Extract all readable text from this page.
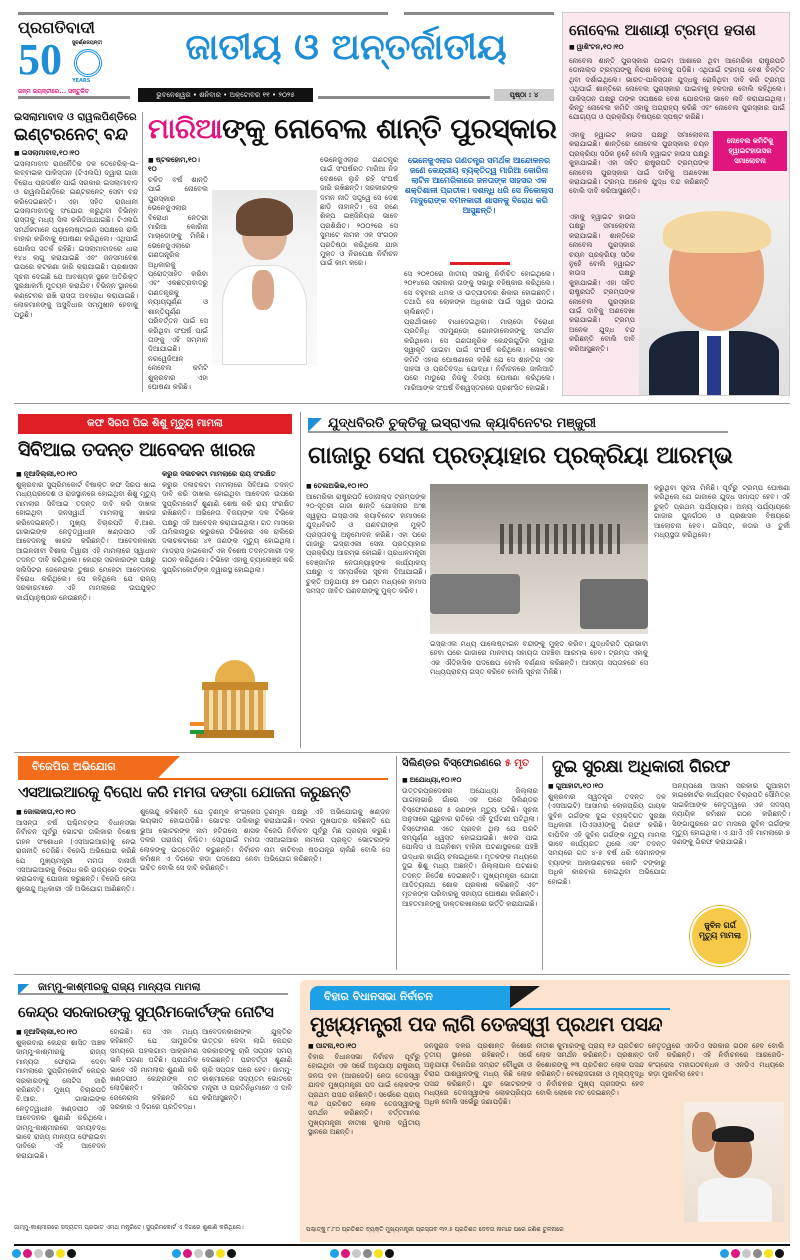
ପ୍ରଗତିବାଦୀ
50 ସୁବର୍ଣ୍ଣଜୟନ୍ତୀ
YEARS
ଜନ୍ମ ଜୟନ୍ତୀରେ... ସନ୍ତୁଳିତ
ଜାତୀୟ ଓ ଅନ୍ତର୍ଜାତୀୟ
ଭୁବନେଶ୍ୱର • ଶନିବାର • ଅକ୍ଟୋବର ୧୧ • ୨୦୨୫	ପୃଷ୍ଠା : ୪
ଇସଲାମାବାଦ ଓ ରାୱଲପିଣ୍ଡିରେ
ଇଣ୍ଟରନେଟ୍ ବନ୍ଦ
■ ଇସଲାମାବାଦ,୧୦।୧୦
ଇସଲାମାବାଦ ରାଜନୈତିକ ଦଳ ତେହେରିକ୍-ଇ-ଲବ୍ବାଇକ ପାକିସ୍ତାନ (ଟିଏଲପି) ଦ୍ୱାରା ଗାଜା ବିରୋଧ ପ୍ରଦର୍ଶନ ପାଇଁ ସରକାର ଇସଲାମାବାଦ ଓ ରାୱଲପିଣ୍ଡିରେ ଇଣ୍ଟରନେଟ୍ ସେବା ବନ୍ଦ କରିଦେଇଛନ୍ତି। ଏହା ସହିତ ରାଜଧାନୀ ଇସଲାମାବାଦକୁ ସଂଯୋଗ କରୁଥିବା ବିଭିନ୍ନ ରାସ୍ତାକୁ ମଧ୍ୟ ସିଲ କରିଦିଆଯାଇଛି। ଟିଏଲପି ସମର୍ଥକମାନେ ପ୍ୟାଲେଷ୍ଟାଇନ ସପକ୍ଷରେ ରାଲି ବାହାର କରିବାକୁ ଘୋଷଣା କରିଥିଲେ। ଏଥିପାଇଁ ପୋଲିସ ସତର୍କ ରହିଛି। ଇସଲାମାବାଦରେ ଧାରା ୧୪୪ ଲାଗୁ କରାଯାଇଛି ଏବଂ ଜନସମାବେଶ ଉପରେ କଟକଣା ଜାରି କରାଯାଇଛି। ପ୍ରଶାସନ ସୂଚନା ଦେଇଛି ଯେ ଆବଶ୍ୟକ ସ୍ଥଳେ ଅତିରିକ୍ତ ସୁରକ୍ଷାକର୍ମୀ ମୁତୟନ କରାଯିବ। ବିଭିନ୍ନ ସ୍ଥାନରେ କଣ୍ଟେନର ରଖି ରାସ୍ତା ଅବରୋଧ କରାଯାଇଛି। ଲୋକମାନଙ୍କୁ ଅସୁବିଧାର ସମ୍ମୁଖୀନ ହେବାକୁ ପଡୁଛି।
ମାରିଆଙ୍କୁ ନୋବେଲ ଶାନ୍ତି ପୁରସ୍କାର
■ ଷ୍ଟକହୋମ,୧୦।୧୦
ଚଳିତ ବର୍ଷ ଶାନ୍ତି ପାଇଁ ନୋବେଲ ପୁରସ୍କାର ଭେନେଜୁଏଲାର ବିରୋଧୀ ନେତ୍ରୀ ମାରିଆ କୋରିନା ମାଚାଡୋଙ୍କୁ ମିଳିଛି। ଭେନେଜୁଏଲାରେ ଗଣତାନ୍ତ୍ରିକ ଅଧିକାରକୁ ପ୍ରୋତ୍ସାହିତ କରିବା ଏବଂ ଏକଛତ୍ରବାଦରୁ ଗଣତନ୍ତ୍ରକୁ ନ୍ୟାୟପୂର୍ଣ୍ଣ ଓ ଶାନ୍ତିପୂର୍ଣ୍ଣ ପରିବର୍ତ୍ତନ ପାଇଁ ସେ କରିଥିବା ସଂଘର୍ଷ ପାଇଁ ତାଙ୍କୁ ଏହି ସମ୍ମାନ ଦିଆଯାଇଛି। ନରୱେଜିଆନ ନୋବେଲ କମିଟି ଶୁକ୍ରବାର ଏହା ଘୋଷଣା କରିଛି।
ଭେନେଜୁଏଲାର ଗଣତନ୍ତ୍ର ପାଇଁ ସଂଘର୍ଷରତ ମାରିଆ ନିଜ ଦେଶରେ ଲୁଚି ରହି ସଂଘର୍ଷ ଜାରି ରଖିଛନ୍ତି। ସରକାରଙ୍କ ଦମନ ନୀତି ସତ୍ତ୍ୱେ ସେ ଦେଶ ଛାଡ଼ି ନାହାନ୍ତି। ସେ ଜଣେ ଶିଳ୍ପ ଇଞ୍ଜିନିୟର ଭାବେ ପ୍ରଶିକ୍ଷିତ। ୨୦୦୨ରେ ସେ ସୁମାଟେ ନାମକ ଏକ ସଂଗଠନ ପ୍ରତିଷ୍ଠା କରିଥିଲେ ଯାହା ମୁକ୍ତ ଓ ନିରପେକ୍ଷ ନିର୍ବାଚନ ପାଇଁ କାମ କରେ।
ଭେନେଜୁଏଲାର ଗଣତନ୍ତ୍ର ସମର୍ଥକ ଆନ୍ଦୋଳନର ଜଣେ କେନ୍ଦ୍ରୀୟ ବ୍ୟକ୍ତିତ୍ୱ ମାରିଆ କୋରିନା ଲାଟିନ ଆମେରିକାରେ ଜନତାଙ୍କ ସାହସର ଏକ ଶକ୍ତିଶାଳୀ ପ୍ରତୀକ। ଦଶନ୍ଧି ଧରି ସେ ନିକୋଲାସ ମାଦୁରୋଙ୍କ ଦମନକାରୀ ଶାସନକୁ ବିରୋଧ କରି ଆସୁଛନ୍ତି।
ସେ ୨୦୧୦ରେ ଜାତୀୟ ସଭାକୁ ନିର୍ବାଚିତ ହୋଇଥିଲେ। ୨୦୧୪ରେ ସରକାର ତାଙ୍କୁ ସଭାରୁ ବହିଷ୍କାର କରିଥିଲେ। ସେ ବହୁବାର ଧମକ ଓ ଉତ୍ପୀଡ଼ନର ଶିକାର ହୋଇଛନ୍ତି। ତଥାପି ସେ ଲୋକଙ୍କ ଅଧିକାର ପାଇଁ ସ୍ୱର ଉଠାଇ ଚାଲିଛନ୍ତି।
ପ୍ରାର୍ଥୀଭାବେ ବାଧାଦେଇଥିଲା। ମାଚାଡୋ ବିରୋଧୀ ପ୍ରତିନିଧି ଏଡମୁଣ୍ଡୋ ଗୋନଜାଲେଜଙ୍କୁ ସମର୍ଥନ କରିଥିଲେ। ସେ ଗଣତାନ୍ତ୍ରିକ କେନ୍ଦ୍ରଗୁଡ଼ିକ ଦ୍ୱାରା ସ୍ୱୀକୃତି ପାଇବା ପାଇଁ ସଂଘର୍ଷ କରିଥିଲେ। ନୋବେଲ କମିଟି ଏହାର ଘୋଷଣାରେ କହିଛି ଯେ ସେ ଶାନ୍ତିର ଏକ ସାହସୀ ଓ ପ୍ରତିବଦ୍ଧ ଯୋଦ୍ଧା। ନିର୍ବାଚନରେ ଜାଲିଆତି ପରେ ମାଡୁରୋ ନିଜକୁ ବିଜୟୀ ଘୋଷଣା କରିଥିଲେ। ମାରିଆଙ୍କ ସଂଘର୍ଷ ବିଶ୍ୱସ୍ତରରେ ପ୍ରଶଂସିତ ହୋଇଛି।
ନୋବେଲ ଆଶାୟୀ ଟ୍ରମ୍ପ ହତାଶ
■ ୱାଶିଂଟନ,୧୦।୧୦
ନୋବେଲ ଶାନ୍ତି ପୁରସ୍କାର ପାଇବା ଆଶାରେ ଥିବା ଆମେରିକା ରାଷ୍ଟ୍ରପତି ଡୋନାଲ୍ଡ ଟ୍ରମ୍ପଙ୍କୁ ନିରାଶ ହେବାକୁ ପଡ଼ିଛି। ଏଥିପାଇଁ ଟ୍ରମ୍ପ ବେଶ ଚିନ୍ତିତ ଥିବା ଦର୍ଶାଇଥିଲେ। ଭାରତ-ପାକିସ୍ତାନ ଯୁଦ୍ଧକୁ ରୋକିଥିବା ଦାବି କରି ଟ୍ରମ୍ପ ଏଥିପାଇଁ ଶାନ୍ତିରେ ନୋବେଲ ପୁରସ୍କାର ପାଇବାକୁ ହକଦାର ବୋଲି କହିଥିଲେ। ପାକିସ୍ତାନ ପକ୍ଷରୁ ତାଙ୍କ ସପକ୍ଷରେ ବେଶ ଯୋରଦାର ଭାବେ ଲବି କରାଯାଇଥିଲା। କିନ୍ତୁ ନୋବେଲ କମିଟି ଏହାକୁ ଅଗ୍ରାହ୍ୟ କରିଛି ଏବଂ ନୋବେଲ ପୁରସ୍କାର ପାଇଁ ଯୋଗ୍ୟତା ଓ ପ୍ରକ୍ରିୟା ବିଷୟରେ ସ୍ପଷ୍ଟ କରିଛି।
ନୋବେଲ କମିଟିକୁ ହ୍ୱାଇଟହାଉସର ସମାଲୋଚନା
ଏହାକୁ ହ୍ୱାଇଟ ହାଉସ ପକ୍ଷରୁ ସମାଲୋଚନା କରାଯାଇଛି। ଶାନ୍ତିରେ ନୋବେଲ ପୁରସ୍କାର ଚୟନ ପ୍ରକ୍ରିୟା ସଠିକ ନୁହେଁ ବୋଲି ହ୍ୱାଇଟ ହାଉସ ପକ୍ଷରୁ କୁହାଯାଇଛି। ଏହା ସହିତ ରାଷ୍ଟ୍ରପତି ଟ୍ରମ୍ପଙ୍କ ନୋବେଲ ପୁରସ୍କାର ପାଇଁ ଦାବିକୁ ଅଣଦେଖା କରାଯାଇଛି। ଟ୍ରମ୍ପ ଅନେକ ଯୁଦ୍ଧ ବନ୍ଦ କରିଛନ୍ତି ବୋଲି ଦାବି କରିଆସୁଛନ୍ତି।
ଏହାକୁ ହ୍ୱାଇଟ ହାଉସ ପକ୍ଷରୁ ସମାଲୋଚନା କରାଯାଇଛି। ଶାନ୍ତିରେ ନୋବେଲ ପୁରସ୍କାର ଚୟନ ପ୍ରକ୍ରିୟା ସଠିକ ନୁହେଁ ବୋଲି ହ୍ୱାଇଟ ହାଉସ ପକ୍ଷରୁ କୁହାଯାଇଛି। ଏହା ସହିତ ରାଷ୍ଟ୍ରପତି ଟ୍ରମ୍ପଙ୍କ ନୋବେଲ ପୁରସ୍କାର ପାଇଁ ଦାବିକୁ ଅଣଦେଖା କରାଯାଇଛି। ଟ୍ରମ୍ପ ଅନେକ ଯୁଦ୍ଧ ବନ୍ଦ କରିଛନ୍ତି ବୋଲି ଦାବି କରିଆସୁଛନ୍ତି।
କଫ ସିରପ ପିଇ ଶିଶୁ ମୃତ୍ୟୁ ମାମଲା
ସିବିଆଇ ତଦନ୍ତ ଆବେଦନ ଖାରଜ
■ ନୂଆଦିଲ୍ଲୀ,୧୦।୧୦
ଶୁକ୍ରବାର ସୁପ୍ରିମକୋର୍ଟ ବିଷାକ୍ତ କଫ ସିରପ ଖାଇ ମଧ୍ୟପ୍ରଦେଶ ଓ ରାଜସ୍ଥାନରେ ହୋଇଥିବା ଶିଶୁ ମୃତ୍ୟୁ ମାମଲାର ସିବିଆଇ ତଦନ୍ତ ଦାବି କରି ଦାଖଲ ହୋଇଥିବା ଜନସ୍ୱାର୍ଥ ମାମଲାକୁ ଖାରଜ କରିଦେଇଛନ୍ତି। ମୁଖ୍ୟ ବିଚାରପତି ବି.ଆର. ଗାଭାଇଙ୍କ ନେତୃତ୍ୱାଧୀନ ଖଣ୍ଡପୀଠ ଏହି ଆବେଦନକୁ ଖାରଜ କରିଛନ୍ତି। ଆବେଦନକାରୀ ଆଇନଜୀବୀ ବିଶାଲ ତିୱାରୀ ଏହି ମାମଲାରେ ସ୍ୱାଧୀନ ତଦନ୍ତ ଦାବି କରିଥିଲେ। କେନ୍ଦ୍ର ସରକାରଙ୍କ ପକ୍ଷରୁ ସଲିସିଟର ଜେନେରାଲ ତୁଷାର ମେହେଟା ଆବେଦନର ବିରୋଧ କରିଥିଲେ। ସେ କହିଥିଲେ ଯେ ରାଜ୍ୟ ସରକାରମାନେ ଏହି ମାମଲାରେ ଉପଯୁକ୍ତ କାର୍ଯ୍ୟାନୁଷ୍ଠାନ ନେଉଛନ୍ତି।
କରୁର ଦଳାଚକଟା ମାମଲାରେ ରାୟ ସଂରକ୍ଷିତ
କରୁର ଦଳାଚକଟା ମାମଲାରେ ସିବିଆଇ ତଦନ୍ତ ଦାବି କରି ଦାଖଲ ହୋଇଥିବା ଆବେଦନ ଉପରେ ସୁପ୍ରିମକୋର୍ଟ ଶୁଣାଣି ଶେଷ କରି ରାୟ ସଂରକ୍ଷିତ ରଖିଛନ୍ତି। ଅଭିନେତା ବିଜୟଙ୍କ ଦଳ ଟିଭିକେ ପକ୍ଷରୁ ଏହି ଆବେଦନ କରାଯାଇଥିଲା। ଗତ ମାସରେ ତାମିଲନାଡୁର କରୁରରେ ଟିଭିକେର ଏକ ରାଲିରେ ଦଳାଚକଟାରେ ୪୧ ଜଣଙ୍କ ମୃତ୍ୟୁ ହୋଇଥିଲା। ମାଡ୍ରାସ ହାଇକୋର୍ଟ ଏକ ବିଶେଷ ତଦନ୍ତକାରୀ ଦଳ ଗଠନ କରିଥିଲେ। ଟିଭିକେ ଏହାକୁ ଚ୍ୟାଲେଞ୍ଜ କରି ସୁପ୍ରିମକୋର୍ଟଙ୍କ ଦ୍ୱାରସ୍ଥ ହୋଇଥିଲା।
ଯୁଦ୍ଧବିରତି ଚୁକ୍ତିକୁ ଇସ୍ରାଏଲ କ୍ୟାବିନେଟର ମଞ୍ଜୁରୀ
ଗାଜାରୁ ସେନା ପ୍ରତ୍ୟାହାର ପ୍ରକ୍ରିୟା ଆରମ୍ଭ
■ ତେଲଅଭିଭ,୧୦।୧୦
ଆମେରିକା ରାଷ୍ଟ୍ରପତି ଡୋନାଲ୍ଡ ଟ୍ରମ୍ପଙ୍କ ୨୦-ସୂତ୍ରୀ ଗାଜା ଶାନ୍ତି ଯୋଜନାର ଅଂଶ ସ୍ୱରୂପ ଇସ୍ରାଏଲ କ୍ୟାବିନେଟ ହାମାସରେ ଯୁଦ୍ଧବିରତି ଓ ପଣବନ୍ଦୀଙ୍କ ମୁକ୍ତି ପ୍ରସ୍ତାବକୁ ଅନୁମୋଦନ କରିଛି। ଏହା ପରେ ଗାଜାରୁ ଇସ୍ରାଏଲୀ ସେନା ପ୍ରତ୍ୟାହାର ପ୍ରକ୍ରିୟା ଆରମ୍ଭ ହୋଇଛି। ପ୍ରଧାନମନ୍ତ୍ରୀ ବେଞ୍ଜାମିନ ନେତାନ୍ୟାହୁଙ୍କ କାର୍ଯ୍ୟାଳୟ ପକ୍ଷରୁ ଏ ସମ୍ପର୍କରେ ସୂଚନା ଦିଆଯାଇଛି। ଚୁକ୍ତି ଅନୁଯାୟୀ ୭୨ ଘଣ୍ଟା ମଧ୍ୟରେ ହାମାସ ସମସ୍ତ ଜୀବିତ ପଣବନ୍ଦୀଙ୍କୁ ମୁକ୍ତ କରିବ।
ଇସ୍ରାଏଲ ମଧ୍ୟ ପାଲେଷ୍ଟାଇନ ବନ୍ଦୀଙ୍କୁ ମୁକ୍ତ କରିବ। ଯୁଦ୍ଧବିରତି ପ୍ରଭାବୀ ହେବା ପରେ ଗାଜାରେ ମାନବୀୟ ସହାୟତା ପହଞ୍ଚିବା ଆରମ୍ଭ ହେବ। ଟ୍ରମ୍ପ ଏହାକୁ ଏକ ଐତିହାସିକ ପଦକ୍ଷେପ ବୋଲି ବର୍ଣ୍ଣନା କରିଛନ୍ତି। ଆସନ୍ତା ସପ୍ତାହରେ ସେ ମଧ୍ୟପ୍ରାଚ୍ୟ ଗସ୍ତ କରିବେ ବୋଲି ସୂଚନା ମିଳିଛି।
କରୁଥିବା ସୂଚନା ମିଳିଛି। ପୂର୍ବରୁ ଟ୍ରମ୍ପ ଘୋଷଣା କରିଥିଲେ ଯେ ଗାଜାରେ ଯୁଦ୍ଧ ସମାପ୍ତ ହେବ। ଏହି ଚୁକ୍ତି ପ୍ରଥମ ପର୍ଯ୍ୟାୟର। ଅନ୍ୟ ପର୍ଯ୍ୟାୟରେ ଗାଜାର ପୁନର୍ଗଠନ ଓ ପ୍ରଶାସନ ବିଷୟରେ ଆଲୋଚନା ହେବ। ଇଜିପ୍ଟ, କତାର ଓ ତୁର୍କୀ ମଧ୍ୟସ୍ଥତା କରିଥିଲେ।
ବିଜେପିର ଅଭିଯୋଗ
ଏସଆଇଆରକୁ ବିରୋଧ କରି ମମତା ଦଙ୍ଗା ଯୋଜନା କରୁଛନ୍ତି
■ କୋଲକାତା,୧୦।୧୦
ଆସନ୍ତା ବର୍ଷ ପଶ୍ଚିମବଙ୍ଗ ବିଧାନସଭା ନିର୍ବାଚନ ପୂର୍ବରୁ ଭୋଟର ତାଲିକାର ବିଶେଷ ଗହନ ସଂଶୋଧନ (ଏସଆଇଆର)କୁ ନେଇ ରାଜନୀତି ତେଜିଛି। ବିଜେପି ଅଭିଯୋଗ କରିଛି ଯେ ମୁଖ୍ୟମନ୍ତ୍ରୀ ମମତା ବାନାର୍ଜୀ ଏସଆଇଆରକୁ ବିରୋଧ କରି ରାଜ୍ୟରେ ଦଙ୍ଗା କରାଇବାକୁ ଯୋଜନା କରୁଛନ୍ତି। ବିଜେପି ନେତା ଶୁଭେନ୍ଦୁ ଅଧିକାରୀ ଏହି ଅଭିଯୋଗ ଆଣିଛନ୍ତି।
ଶୁଭେନ୍ଦୁ କହିଛନ୍ତି ଯେ ତୃଣମୂଳ କଂଗ୍ରେସ ଭୟଭୀତ ହୋଇପଡ଼ିଛି। ଭୋଟର ତାଲିକାରୁ ଭୁଆ ଭୋଟରଙ୍କ ନାମ ହଟିଗଲେ ଶାସକ ଦଳର ପରାଜୟ ନିଶ୍ଚିତ। ସେଥିପାଇଁ ମମତା ଲୋକଙ୍କୁ ଉତ୍ତେଜିତ କରୁଛନ୍ତି। ନିର୍ବାଚନ କମିଶନ ଏ ଦିଗରେ କଡ଼ା ପଦକ୍ଷେପ ନେବା ଉଚିତ ବୋଲି ସେ ଦାବି କରିଛନ୍ତି।
ତୃଣମୂଳ ପକ୍ଷରୁ ଏହି ଅଭିଯୋଗକୁ ଖଣ୍ଡନ କରାଯାଇଛି। ଦଳର ମୁଖପାତ୍ର କହିଛନ୍ତି ଯେ ବିଜେପି ନିର୍ବାଚନ ପୂର୍ବରୁ ମିଛ ପ୍ରଚାର କରୁଛି। ଏସଆଇଆର ନାମରେ ପ୍ରକୃତ ଭୋଟରଙ୍କ ନାମ କାଟିବାର ଷଡ଼ଯନ୍ତ୍ର ଚାଲିଛି ବୋଲି ସେ ଅଭିଯୋଗ କରିଛନ୍ତି।
ସିଲିଣ୍ଡର ବିସ୍ଫୋରଣରେ ୫ ମୃତ
■ ଅଯୋଧ୍ୟା,୧୦।୧୦
ଉତ୍ତରପ୍ରଦେଶର ଅଯୋଧ୍ୟା ଜିଲ୍ଲାର ପାଗଲାଭାରି ଗାଁରେ ଏକ ଘରେ ସିଲିଣ୍ଡର ବିସ୍ଫୋରଣରେ ୫ ଜଣଙ୍କ ମୃତ୍ୟୁ ଘଟିଛି। ସୂଚନା ଅନୁସାରେ ଗୁରୁବାର ରାତିରେ ଏହି ଦୁର୍ଘଟଣା ଘଟିଥିଲା। ବିସ୍ଫୋରଣ ଏତେ ପ୍ରବଳ ଥିଲା ଯେ ଘରଟି ସମ୍ପୂର୍ଣ୍ଣ ଧ୍ୱସ୍ତ ହୋଇଯାଇଛି। ଖବର ପାଇ ପୋଲିସ ଓ ଅଗ୍ନିଶମ ବାହିନୀ ଘଟଣାସ୍ଥଳରେ ପହଞ୍ଚି ଉଦ୍ଧାର କାର୍ଯ୍ୟ ଚଳାଇଥିଲେ। ମୃତକଙ୍କ ମଧ୍ୟରେ ଦୁଇ ଶିଶୁ ମଧ୍ୟ ଅଛନ୍ତି। ଜିଲ୍ଲାପାଳ ଘଟଣାର ତଦନ୍ତ ନିର୍ଦ୍ଦେଶ ଦେଇଛନ୍ତି। ମୁଖ୍ୟମନ୍ତ୍ରୀ ଯୋଗୀ ଆଦିତ୍ୟନାଥ ଶୋକ ପ୍ରକାଶ କରିଛନ୍ତି ଏବଂ ମୃତକଙ୍କ ପରିବାରକୁ ସହାୟତା ଘୋଷଣା କରିଛନ୍ତି। ଆହତମାନଙ୍କୁ ଡାକ୍ତରଖାନାରେ ଭର୍ତ୍ତି କରାଯାଇଛି।
ଦୁଇ ସୁରକ୍ଷା ଅଧିକାରୀ ଗିରଫ
■ ଗୁଆହାଟୀ,୧୦।୧୦
ଶୁକ୍ରବାର ସ୍ୱତନ୍ତ୍ର ତଦନ୍ତ ଦଳ (ଏସଆଇଟି) ଆସାମର ଲୋକପ୍ରିୟ ଗାୟକ ଜୁବିନ ଗର୍ଗଙ୍କ ଦୁଇ ବ୍ୟକ୍ତିଗତ ସୁରକ୍ଷା ଅଧିକାରୀ (ପିଏସଓ)ଙ୍କୁ ଗିରଫ କରିଛି। ବାପିଦିନ ଏହି ଜୁବିନ ଗର୍ଗଙ୍କ ମୃତ୍ୟୁ ମାମଲା ଭାବେ କାର୍ଯ୍ୟରତ ଥିଲେ ଏବଂ ତଦନ୍ତ ସମୟରେ ଗତ ୪-୫ ବର୍ଷ ଧରି ସେମାନଙ୍କ ବ୍ୟାଙ୍କ ଆକାଉଣ୍ଟରେ କୋଟି ଟଙ୍କାରୁ ଅଧିକ କାରବାର ହୋଇଥିବା ଅଭିଯୋଗ ହୋଇଛି।
ଅନ୍ୟପକ୍ଷେ ଆସାମ ସରକାର ଗୁଆହାଟୀ ହାଇକୋର୍ଟର କାର୍ଯ୍ୟରତ ବିଚାରପତି ସୌମିତ୍ର ସାଇକିଆଙ୍କ ନେତୃତ୍ୱରେ ଏକ ସଦସ୍ୟ ନ୍ୟାୟିକ କମିଶନ ଗଠନ କରିଛନ୍ତି। ସିଙ୍ଗାପୁରରେ ଗତ ମାସରେ ଜୁବିନ ଗର୍ଗଙ୍କ ମୃତ୍ୟୁ ହୋଇଥିଲା। ଏ ଯାଏଁ ଏହି ମାମଲାରେ ୭ ଜଣଙ୍କୁ ଗିରଫ କରାଯାଇଛି।
ଜୁବିନ ଗର୍ଗ ମୃତ୍ୟୁ ମାମଲା
ଜାମ୍ମୁ-କାଶ୍ମୀରକୁ ରାଜ୍ୟ ମାନ୍ୟତା ମାମଲା
କେନ୍ଦ୍ର ସରକାରଙ୍କୁ ସୁପ୍ରିମକୋର୍ଟଙ୍କ ନୋଟିସ
■ ନୂଆଦିଲ୍ଲୀ,୧୦।୧୦
ଶୁକ୍ରବାର କେନ୍ଦ୍ର ଶାସିତ ଅଞ୍ଚଳ ଜାମ୍ମୁ-କାଶ୍ମୀରକୁ ରାଜ୍ୟ ମାନ୍ୟତା ଫେରାଇ ଦେବା ମାମଲାରେ ସୁପ୍ରିମକୋର୍ଟ କେନ୍ଦ୍ର ସରକାରଙ୍କୁ ନୋଟିସ ଜାରି କରିଛନ୍ତି। ମୁଖ୍ୟ ବିଚାରପତି ବି.ଆର. ଗାଭାଇଙ୍କ ନେତୃତ୍ୱାଧୀନ ଖଣ୍ଡପୀଠ ଏହି ଆବେଦନର ଶୁଣାଣି କରିଥିଲେ। ଜାମ୍ମୁ-କାଶ୍ମୀରରେ ସମୟବଦ୍ଧ ଭାବେ ରାଜ୍ୟ ମାନ୍ୟତା ଫେରାଇବା ଦାବିରେ ଏହି ଆବେଦନ କରାଯାଇଛି।
ହୋଇଛି। ସେ ଏହା ମଧ୍ୟ କହିଛନ୍ତି ଯେ ସାମ୍ପ୍ରତିକ ସମୟରେ ପହଲଗାମ ଆକ୍ରମଣ ଭଳି ଘଟଣା ଘଟିଛି। ପ୍ରାଥମିକ ଭାବେ ଏହି ମାମଲାର ଶୁଣାଣି କରି ଖଣ୍ଡପୀଠ କେନ୍ଦ୍ରଙ୍କ ମତ ଲୋଡ଼ିଛନ୍ତି। ସଲିସିଟର ଜେନେରାଲ କହିଛନ୍ତି ଯେ ସରକାର ଏ ଦିଗରେ ପ୍ରତିବଦ୍ଧ।
ଆବେଦନକାରୀଙ୍କ ଯୁକ୍ତିର ଉତ୍ତର ଦେବା ଲାଗି କେନ୍ଦ୍ର ସରକାରଙ୍କୁ ଚାରି ସପ୍ତାହ ସମୟ ଦେଇଛନ୍ତି। ପରବର୍ତ୍ତୀ ଶୁଣାଣି ଚାରି ସପ୍ତାହ ପରେ ହେବ। ଜାମ୍ମୁ-କାଶ୍ମୀରରେ ସଦ୍ୟତମ ଭୋଟରେ ମନ୍ତ୍ରୀ ଓ ପ୍ରତିନିଧିମାନେ ଏ ଦାବି କରିଆସୁଛନ୍ତି।
ଜାମ୍ମୁ-କାଶ୍ମୀରରେ ସଦ୍ୟତମ ପ୍ରଭାତ ଏମଥ ମନ୍ତ୍ରିତେ। ସୁପ୍ରିମକୋର୍ଟ ଏ ଦିଗରେ ଶୁଣାଣି କରିଥିଲେ।
ବିହାର ବିଧାନସଭା ନିର୍ବାଚନ
ମୁଖ୍ୟମନ୍ତ୍ରୀ ପଦ ଲାଗି ତେଜସ୍ୱୀ ପ୍ରଥମ ପସନ୍ଦ
■ ପାଟନା,୧୦।୧୦
ବିହାର ବିଧାନସଭା ନିର୍ବାଚନ ପୂର୍ବରୁ ହୋଇଥିବା ଏକ ସର୍ଭେ ଅନୁଯାୟୀ ରାଷ୍ଟ୍ରୀୟ ଜନତା ଦଳ (ଆରଜେଡି) ନେତା ତେଜସ୍ୱୀ ଯାଦବ ମୁଖ୍ୟମନ୍ତ୍ରୀ ପଦ ପାଇଁ ଲୋକଙ୍କ ପ୍ରଥମ ପସନ୍ଦ ରହିଛନ୍ତି। ସର୍ଭେରେ ପ୍ରାୟ ୩୬ ପ୍ରତିଶତ ଲୋକ ତେଜସ୍ୱୀଙ୍କୁ ସମର୍ଥନ କରିଛନ୍ତି। ବର୍ତ୍ତମାନର ମୁଖ୍ୟମନ୍ତ୍ରୀ ନୀତୀଶ କୁମାର ଦ୍ୱିତୀୟ ସ୍ଥାନରେ ଅଛନ୍ତି।
ଜନସୁରାଜ ଦଳର ପ୍ରଶାନ୍ତ କିଶୋର ତୃତୀୟ ସ୍ଥାନରେ ରହିଛନ୍ତି। ସର୍ଭେ ଅନୁଯାୟୀ ବିଜେପିର ସମ୍ରାଟ ଚୌଧୁରୀ ଓ ଚିରାଗ ପାଶୱାନଙ୍କୁ ମଧ୍ୟ କିଛି ଲୋକ ପସନ୍ଦ କରିଛନ୍ତି। ଯୁବ ଭୋଟରଙ୍କ ମଧ୍ୟରେ ତେଜସ୍ୱୀଙ୍କ ଲୋକପ୍ରିୟତା ଅଧିକ ବୋଲି ସର୍ଭେରୁ ଜଣାପଡ଼ିଛି।
ନୀତୀଶ କୁମାରଙ୍କୁ ପ୍ରାୟ ୧୬ ପ୍ରତିଶତ ଲୋକ ସମର୍ଥନ କରିଛନ୍ତି। ପ୍ରଶାନ୍ତ କିଶୋରଙ୍କୁ ୨୩ ପ୍ରତିଶତ ଲୋକ ପସନ୍ଦ କରିଛନ୍ତି। ବେରୋଜଗାରୀ ଓ ମୂଲ୍ୟବୃଦ୍ଧି ଏ ନିର୍ବାଚନର ମୁଖ୍ୟ ପ୍ରସଙ୍ଗ ହେବ ବୋଲି ଲୋକେ ମତ ଦେଇଛନ୍ତି।
ନେତୃତ୍ୱରେ ଏନଡିଏ ସରକାର ଗଠନ ହେବ ବୋଲି ଦାବି କରିଛନ୍ତି। ଏହି ନିର୍ବାଚନରେ ଆରଜେଡି-କଂଗ୍ରେସ ମହାଗଠବନ୍ଧନ ଓ ଏନଡିଏ ମଧ୍ୟରେ କଡ଼ା ମୁକାବିଲା ହେବ।
ପଶ୍ଚାତ୍କୁ ୮.୮୦ ପ୍ରତିଶତ ବ୍ୟକ୍ତି ମୁଖ୍ୟମନ୍ତ୍ରୀ ପ୍ରସ୍ତାବ ୩୨.୫ ପ୍ରତିଶତ ଦେବତା ନାମାନ୍ଦ ପରେ ଜଣିଶ ତୁଳନାରେ
